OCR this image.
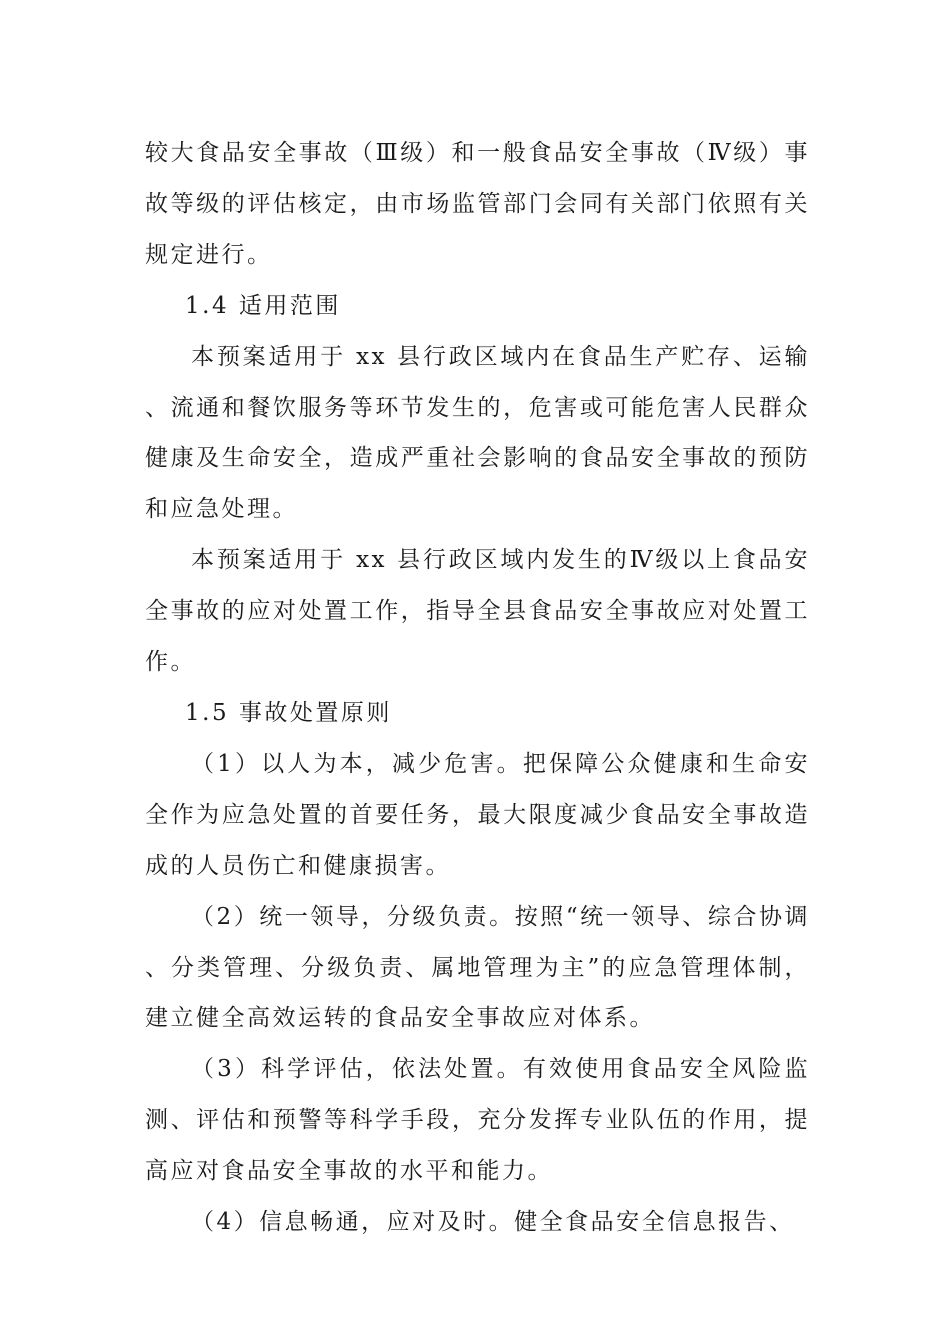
较大食品安全事故（Ⅲ级）和一般食品安全事故（Ⅳ级）事故等级的评估核定，由市场监管部门会同有关部门依照有关规定进行。

1.4 适用范围

本预案适用于 xx 县行政区域内在食品生产贮存、运输、流通和餐饮服务等环节发生的，危害或可能危害人民群众健康及生命安全，造成严重社会影响的食品安全事故的预防和应急处理。

本预案适用于 xx 县行政区域内发生的Ⅳ级以上食品安全事故的应对处置工作，指导全县食品安全事故应对处置工作。

1.5 事故处置原则

（1）以人为本，减少危害。把保障公众健康和生命安全作为应急处置的首要任务，最大限度减少食品安全事故造成的人员伤亡和健康损害。

（2）统一领导，分级负责。按照“统一领导、综合协调、分类管理、分级负责、属地管理为主”的应急管理体制，建立健全高效运转的食品安全事故应对体系。

（3）科学评估，依法处置。有效使用食品安全风险监测、评估和预警等科学手段，充分发挥专业队伍的作用，提高应对食品安全事故的水平和能力。

（4）信息畅通，应对及时。健全食品安全信息报告、
